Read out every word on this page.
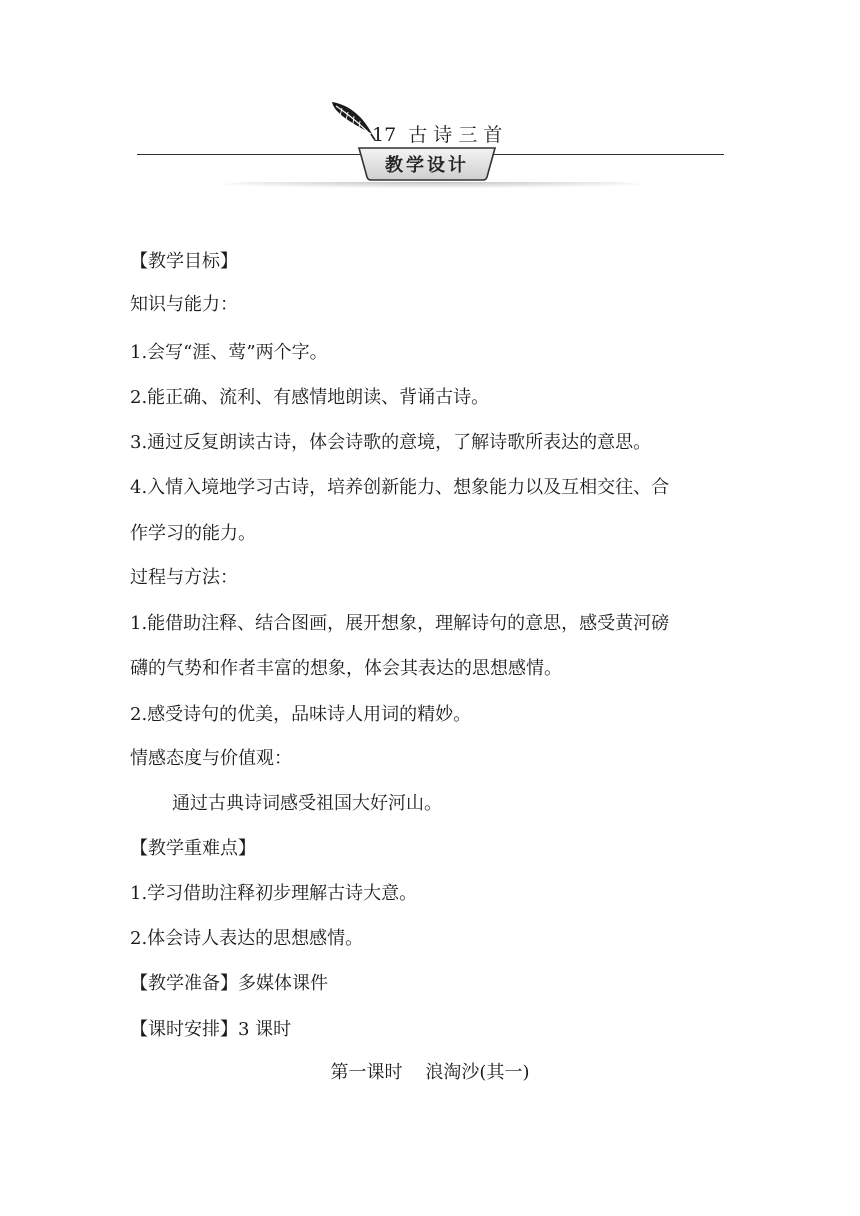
17  古 诗 三 首
教学设计
【教学目标】
知识与能力：
1.会写“涯、莺”两个字。
2.能正确、流利、有感情地朗读、背诵古诗。
3.通过反复朗读古诗，体会诗歌的意境，了解诗歌所表达的意思。
4.入情入境地学习古诗，培养创新能力、想象能力以及互相交往、合
作学习的能力。
过程与方法：
1.能借助注释、结合图画，展开想象，理解诗句的意思，感受黄河磅
礴的气势和作者丰富的想象，体会其表达的思想感情。
2.感受诗句的优美，品味诗人用词的精妙。
情感态度与价值观：
通过古典诗词感受祖国大好河山。
【教学重难点】
1.学习借助注释初步理解古诗大意。
2.体会诗人表达的思想感情。
【教学准备】多媒体课件
【课时安排】3 课时
第一课时    浪淘沙(其一)
